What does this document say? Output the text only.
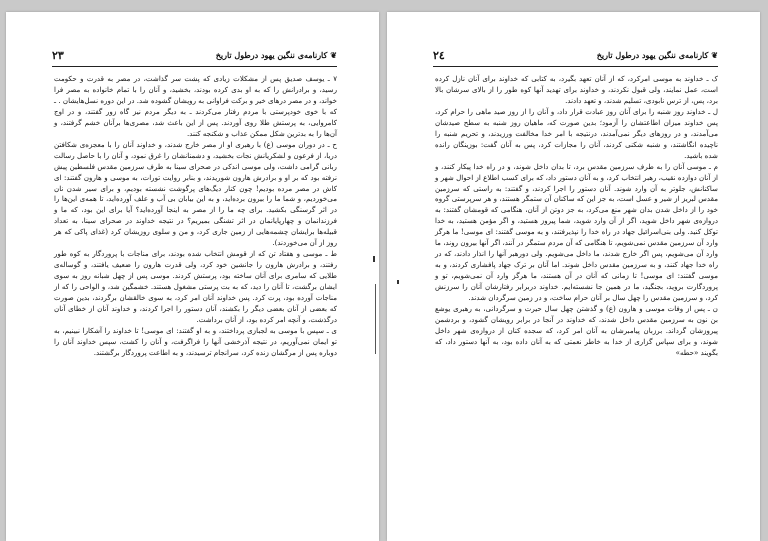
❦کارنامه‌ی ننگین یهود درطول تاریخ
٢٣

٧ ـ یوسف صدیق پس از مشکلات زیادی که پشت سر گذاشت، در مصر به قدرت و حکومت رسید، و برادرانش را که به او بدی کرده بودند، بخشید، و آنان را با تمام خانواده به مصر فرا خواند، و در مصر درهای خیر و برکت فراوانی به رویشان گشوده شد. در این دوره نسل‌هایشان . ـ که با خوی خودپرستی با مردم رفتار می‌کردند ـ به دیگر مردم نیز گاه زور گفتند، و در اوج کامروایی، به پرستش طلا روی آوردند. پس از این باعث شد، مصری‌ها برآنان خشم گرفتند، و آن‌ها را به بدترین شکل ممکن عذاب و شکنجه کنند.

ح ـ در دوران موسی (ع) با رهبری او از مصر خارج شدند، و خداوند آنان را با معجزه‌ی شکافتن دریا، از فرعون و لشکریانش نجات بخشید، و دشمنانشان را غرق نمود، و آنان را با حاصل رسالت ربانی گرامی داشت، ولی موسی اندکی در صحرای سینا به طرف سرزمین مقدس فلسطین پیش نرفته بود که بر او و برادرش هارون شوریدند، و بنابر روایت تورات، به موسی و هارون گفتند: ای کاش در مصر مرده بودیم! چون کنار دیگ‌های پرگوشت نشسته بودیم، و برای سیر شدن نان می‌خوردیم، و شما ما را بیرون برده‌اید، و به این بیابان بی آب و علف آورده‌اید، تا همه‌ی این‌ها را در اثر گرسنگی بکشید. برای چه ما را از مصر به اینجا آورده‌اید؟ آیا برای این بود، که ما و فرزندانمان و چهارپایانمان در اثر تشنگی بمیریم؟ در نتیجه خداوند در صحرای سینا، به تعداد قبیله‌ها برایشان چشمه‌هایی از زمین جاری کرد، و من و سلوی روزیشان کرد (غذای پاکی که هر روز از آن می‌خوردند).

ط ـ موسی و هفتاد تن که از قومش انتخاب شده بودند، برای مناجات با پروردگار به کوه طور رفتند، و برادرش هارون را جانشین خود کرد، ولی قدرت هارون را ضعیف یافتند، و گوساله‌ی طلایی که سامری برای آنان ساخته بود، پرستش کردند. موسی پس از چهل شبانه روز به سوی ایشان برگشت، تا آنان را دید، که به بت پرستی مشغول هستند. خشمگین شد، و الواحی را که از مناجات آورده بود، پرت کرد. پس خداوند آنان امر کرد، به سوی خالقشان برگردند، بدین صورت که بعضی از آنان بعضی دیگر را بکشند، آنان دستور را اجرا کردند، و خداوند آنان از خطای آنان درگذشت، و آنچه امر کرده بود، از آنان برداشت.

ی ـ سپس با موسی به لجبازی پرداختند، و به او گفتند: ای موسی! تا خداوند را آشکارا نبینیم، به تو ایمان نمی‌آوریم، در نتیجه آذرخشی آنها را فراگرفت، و آنان را کشت، سپس خداوند آنان را دوباره پس از مرگشان زنده کرد، سرانجام ترسیدند، و به اطاعت پروردگار برگشتند.

❦کارنامه‌ی ننگین یهود درطول تاریخ
٢٤

ک ـ خداوند به موسی امرکرد، که از آنان تعهد بگیرد، به کتابی که خداوند برای آنان نازل کرده است، عمل نمایند، ولی قبول نکردند، و خداوند برای تهدید آنها کوه طور را از بالای سرشان بالا برد، پس، از ترس نابودی، تسلیم شدند، و تعهد دادند.

ل ـ خداوند روز شنبه را برای آنان روز عبادت قرار داد، و آنان را از روز صید ماهی را حرام کرد، پس خداوند میزان اطاعتشان را آزمود؛ بدین صورت که، ماهیان روز شنبه به سطح صیدشان می‌آمدند، و در روزهای دیگر نمی‌آمدند، درنتیجه با امر خدا مخالفت ورزیدند، و تحریم شنبه را ناچیده انگاشتند، و شنبه شکنی کردند، آنان را مجازات کرد، پس به آنان گفت: بوزینگان رانده شده باشید.

م ـ موسی آنان را به طرف سرزمین مقدس برد، تا بدان داخل شوند، و در راه خدا پیکار کنند، و از آنان دوازده نقیب، رهبر انتخاب کرد، و به آنان دستور داد، که برای کسب اطلاع از احوال شهر و ساکنانش، جلوتر به آن وارد شوند. آنان دستور را اجرا کردند، و گفتند: به راستی که سرزمین مقدس لبریز از شیر و عسل است، به جز این که ساکنان آن ستمگر هستند، و هر سرپرستی گروه خود را از داخل شدن بدان شهر منع می‌کرد، به جز دوتن از آنان، هنگامی که قومشان گفتند: به دروازه‌ی شهر داخل شوید، اگر از آن وارد شوید، شما پیروز هستید، و اگر مؤمن هستید، به خدا توکل کنید. ولی بنی‌اسرائیل جهاد در راه خدا را نپذیرفتند، و به موسی گفتند: ای موسی! ما هرگز وارد آن سرزمین مقدس نمی‌شویم، تا هنگامی که آن مردم ستمگر در آنند، اگر آنها بیرون روند، ما وارد آن می‌شویم، پس اگر خارج شدند، ما داخل می‌شویم. ولی دورهبر آنها را انذار دادند، که در راه خدا جهاد کنند، و به سرزمین مقدس داخل شوند. اما آنان بر ترک جهاد پافشاری کردند، و به موسی گفتند: ای موسی! تا زمانی که آنان در آن هستند، ما هرگز وارد آن نمی‌شویم، تو و پروردگارت بروید، بجنگید، ما در همین جا نشسته‌ایم. خداوند دربرابر رفتارشان آنان را سرزنش کرد، و سرزمین مقدس را چهل سال بر آنان حرام ساخت، و در زمین سرگردان شدند.

ن ـ پس از وفات موسی و هارون (ع) و گذشتن چهل سال حیرت و سرگردانی، به رهبری یوشع بن نون به سرزمین مقدس داخل شدند، که خداوند در آنجا در برابر رویشان گشود، و بردشمن پیروزشان گرداند. برزبان پیامبرشان به آنان امر کرد، که سجده کنان از دروازه‌ی شهر داخل شوند، و برای سپاس گزاری از خدا به خاطر نعمتی که به آنان داده بود، به آنها دستور داد، که بگویند «حطه»
